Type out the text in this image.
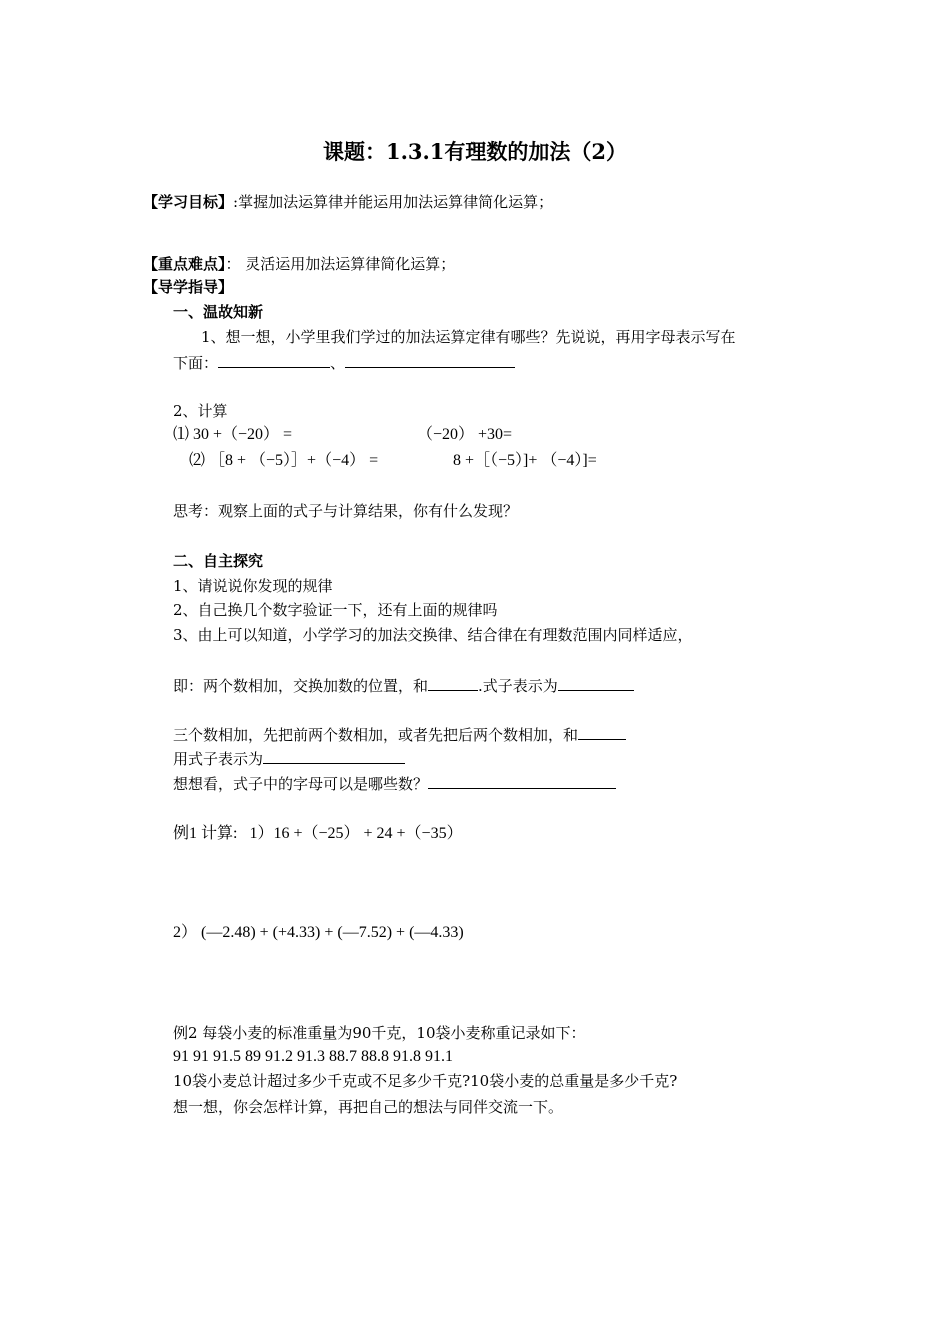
课题：1.3.1有理数的加法（2）
【学习目标】:掌握加法运算律并能运用加法运算律简化运算；
【重点难点】： 灵活运用加法运算律简化运算；
【导学指导】
一、温故知新
1、想一想，小学里我们学过的加法运算定律有哪些？先说说，再用字母表示写在
下面：	、
2、计算
⑴ 30 +（−20） =	（−20） +30=
⑵ ［8 + （−5）］+（−4） =	8 +［（−5）]+ （−4）]=
思考：观察上面的式子与计算结果，你有什么发现？
二、自主探究
1、请说说你发现的规律
2、自己换几个数字验证一下，还有上面的规律吗
3、由上可以知道，小学学习的加法交换律、结合律在有理数范围内同样适应，
即：两个数相加，交换加数的位置，和	.式子表示为
三个数相加，先把前两个数相加，或者先把后两个数相加，和
用式子表示为
想想看，式子中的字母可以是哪些数？
例1 计算: 1）16 +（−25） + 24 +（−35）
2） (—2.48) + (+4.33) + (—7.52) + (—4.33)
例2 每袋小麦的标准重量为90千克，10袋小麦称重记录如下：
91 91 91.5 89 91.2 91.3 88.7 88.8 91.8 91.1
10袋小麦总计超过多少千克或不足多少千克?10袋小麦的总重量是多少千克?
想一想，你会怎样计算，再把自己的想法与同伴交流一下。
